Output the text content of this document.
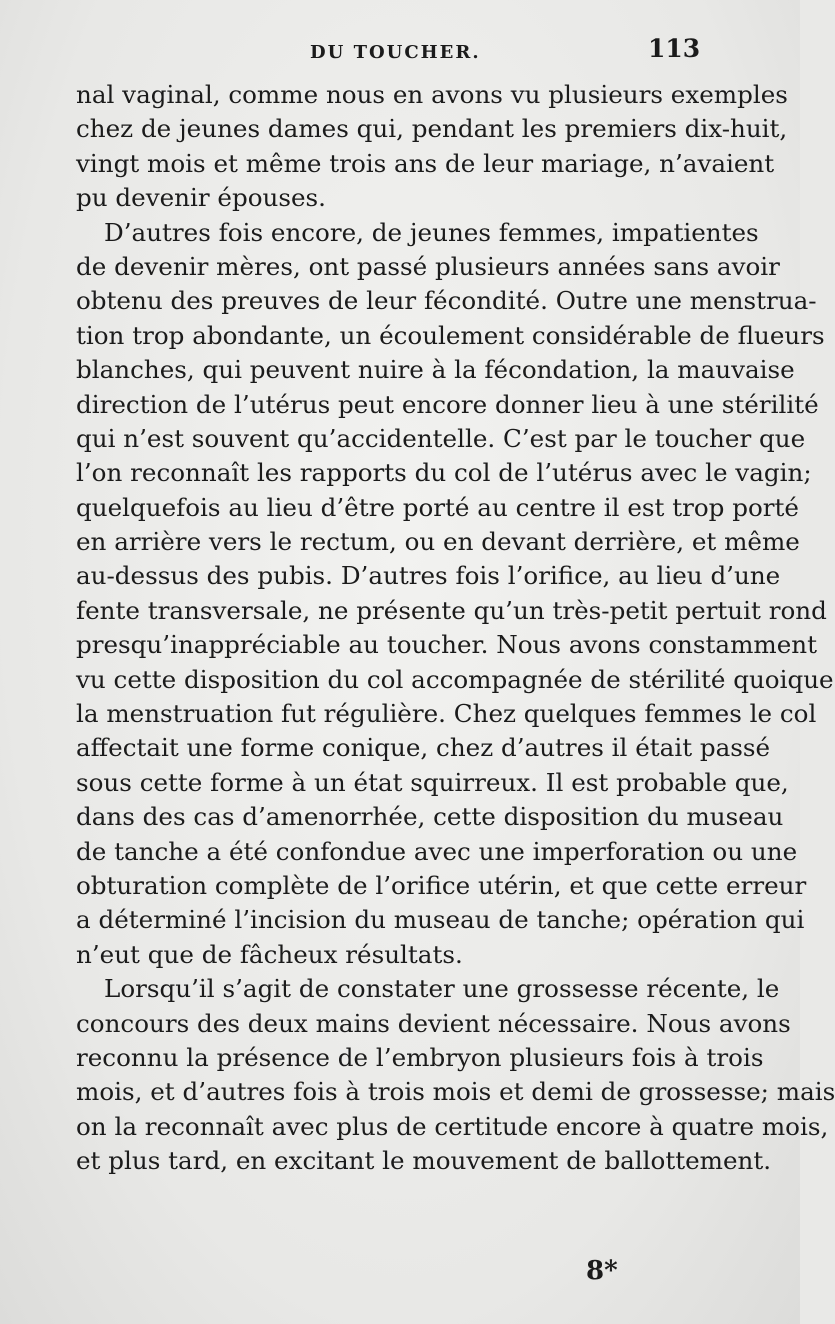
DU TOUCHER.	113
nal vaginal, comme nous en avons vu plusieurs exemples
chez de jeunes dames qui, pendant les premiers dix-huit,
vingt mois et même trois ans de leur mariage, n’avaient
pu devenir épouses.
D’autres fois encore, de jeunes femmes, impatientes
de devenir mères, ont passé plusieurs années sans avoir
obtenu des preuves de leur fécondité. Outre une menstrua-
tion trop abondante, un écoulement considérable de flueurs
blanches, qui peuvent nuire à la fécondation, la mauvaise
direction de l’utérus peut encore donner lieu à une stérilité
qui n’est souvent qu’accidentelle. C’est par le toucher que
l’on reconnaît les rapports du col de l’utérus avec le vagin;
quelquefois au lieu d’être porté au centre il est trop porté
en arrière vers le rectum, ou en devant derrière, et même
au-dessus des pubis. D’autres fois l’orifice, au lieu d’une
fente transversale, ne présente qu’un très-petit pertuit rond
presqu’inappréciable au toucher. Nous avons constamment
vu cette disposition du col accompagnée de stérilité quoique
la menstruation fut régulière. Chez quelques femmes le col
affectait une forme conique, chez d’autres il était passé
sous cette forme à un état squirreux. Il est probable que,
dans des cas d’amenorrhée, cette disposition du museau
de tanche a été confondue avec une imperforation ou une
obturation complète de l’orifice utérin, et que cette erreur
a déterminé l’incision du museau de tanche; opération qui
n’eut que de fâcheux résultats.
Lorsqu’il s’agit de constater une grossesse récente, le
concours des deux mains devient nécessaire. Nous avons
reconnu la présence de l’embryon plusieurs fois à trois
mois, et d’autres fois à trois mois et demi de grossesse; mais
on la reconnaît avec plus de certitude encore à quatre mois,
et plus tard, en excitant le mouvement de ballottement.
8*
